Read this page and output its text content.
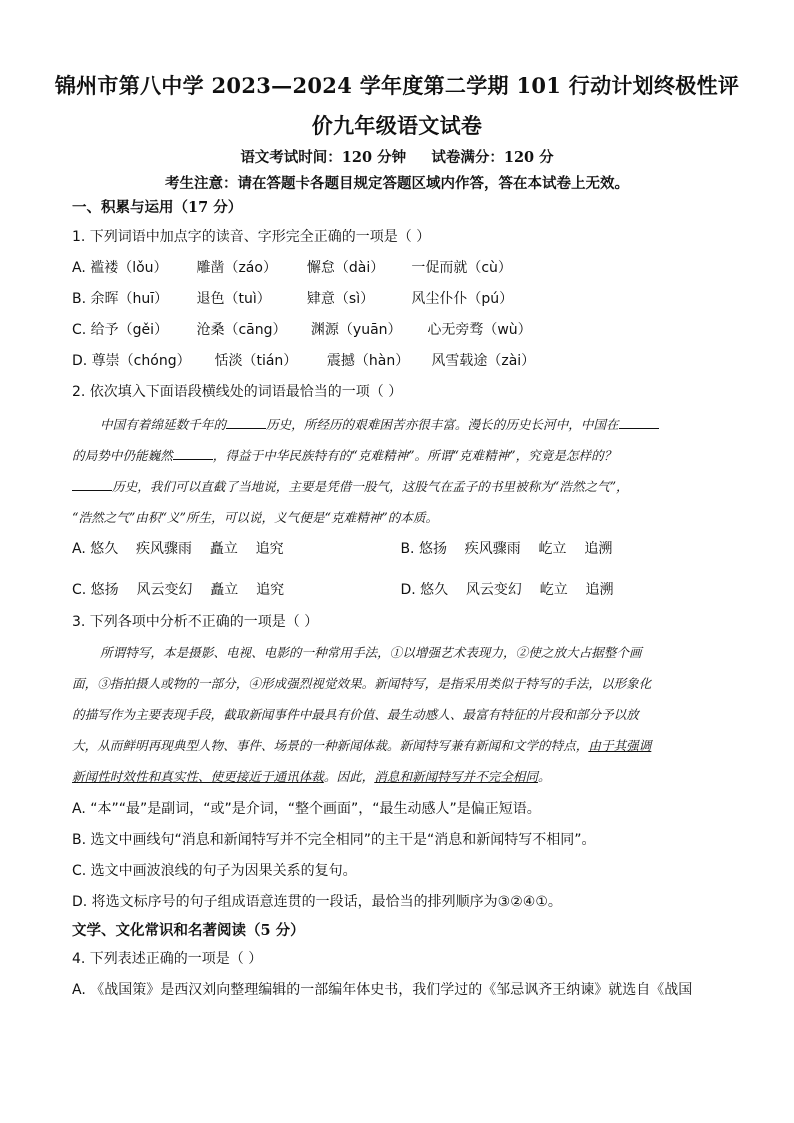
锦州市第八中学 2023—2024 学年度第二学期 101 行动计划终极性评
价九年级语文试卷
语文考试时间：120 分钟     试卷满分：120 分
考生注意：请在答题卡各题目规定答题区域内作答，答在本试卷上无效。
一、积累与运用（17 分）
1. 下列词语中加点字的读音、字形完全正确的一项是（ ）
A. 褴褛（lǒu） 雕凿（záo） 懈怠（dài） 一促而就（cù）
B. 余晖（huī） 退色（tuì）	肄意（sì）	风尘仆仆（pú）
C. 给予（gěi） 沧桑（cāng） 渊源（yuān） 心无旁骛（wù）
D. 尊崇（chóng） 恬淡（tián） 震撼（hàn） 风雪载途（zài）
2. 依次填入下面语段横线处的词语最恰当的一项（ ）
中国有着绵延数千年的	历史，所经历的艰难困苦亦很丰富。漫长的历史长河中，中国在
的局势中仍能巍然	，得益于中华民族特有的“克难精神”。所谓“克难精神”，究竟是怎样的？
历史，我们可以直截了当地说，主要是凭借一股气，这股气在孟子的书里被称为“浩然之气”，
“浩然之气”由积“义”所生，可以说，义气便是“克难精神”的本质。
A. 悠久    疾风骤雨    矗立    追究	B. 悠扬    疾风骤雨    屹立    追溯
C. 悠扬    风云变幻    矗立    追究	D. 悠久    风云变幻    屹立    追溯
3. 下列各项中分析不正确的一项是（ ）
所谓特写，本是摄影、电视、电影的一种常用手法，①以增强艺术表现力，②使之放大占据整个画
面，③指拍摄人或物的一部分，④形成强烈视觉效果。新闻特写，是指采用类似于特写的手法，以形象化
的描写作为主要表现手段，截取新闻事件中最具有价值、最生动感人、最富有特征的片段和部分予以放
大，从而鲜明再现典型人物、事件、场景的一种新闻体裁。新闻特写兼有新闻和文学的特点，由于其强调
新闻性时效性和真实性、使更接近于通讯体裁。因此，消息和新闻特写并不完全相同。
A. “本”“最”是副词，“或”是介词，“整个画面”，“最生动感人”是偏正短语。
B. 选文中画线句“消息和新闻特写并不完全相同”的主干是“消息和新闻特写不相同”。
C. 选文中画波浪线的句子为因果关系的复句。
D. 将选文标序号的句子组成语意连贯的一段话，最恰当的排列顺序为③②④①。
文学、文化常识和名著阅读（5 分）
4. 下列表述正确的一项是（ ）
A. 《战国策》是西汉刘向整理编辑的一部编年体史书，我们学过的《邹忌讽齐王纳谏》就选自《战国
